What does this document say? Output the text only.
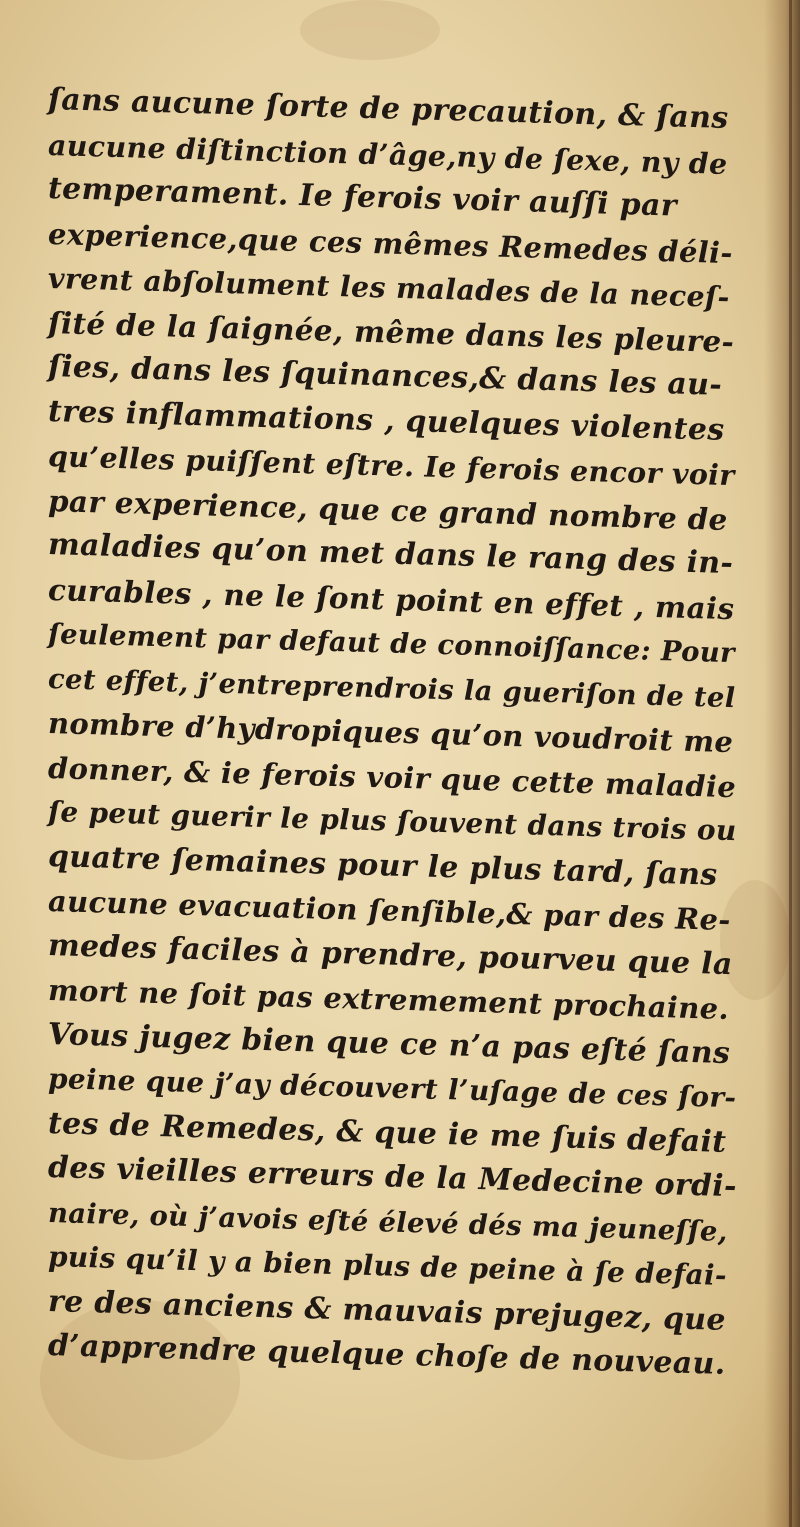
ſans aucune ſorte de precaution, & ſans
aucune diſtinction d’âge,ny de ſexe, ny de
temperament. Ie ferois voir auſſi par
experience,que ces mêmes Remedes déli-
vrent abſolument les malades de la neceſ-
ſité de la ſaignée, même dans les pleure-
ſies, dans les ſquinances,& dans les au-
tres inflammations , quelques violentes
qu’elles puiſſent eſtre. Ie ferois encor voir
par experience, que ce grand nombre de
maladies qu’on met dans le rang des in-
curables , ne le ſont point en effet , mais
ſeulement par defaut de connoiſſance: Pour
cet effet, j’entreprendrois la gueriſon de tel
nombre d’hydropiques qu’on voudroit me
donner, & ie ferois voir que cette maladie
ſe peut guerir le plus ſouvent dans trois ou
quatre ſemaines pour le plus tard, ſans
aucune evacuation ſenſible,& par des Re-
medes faciles à prendre, pourveu que la
mort ne ſoit pas extremement prochaine.
Vous jugez bien que ce n’a pas eſté ſans
peine que j’ay découvert l’uſage de ces ſor-
tes de Remedes, & que ie me ſuis defait
des vieilles erreurs de la Medecine ordi-
naire, où j’avois eſté élevé dés ma jeuneſſe,
puis qu’il y a bien plus de peine à ſe defai-
re des anciens & mauvais prejugez, que
d’apprendre quelque choſe de nouveau.
